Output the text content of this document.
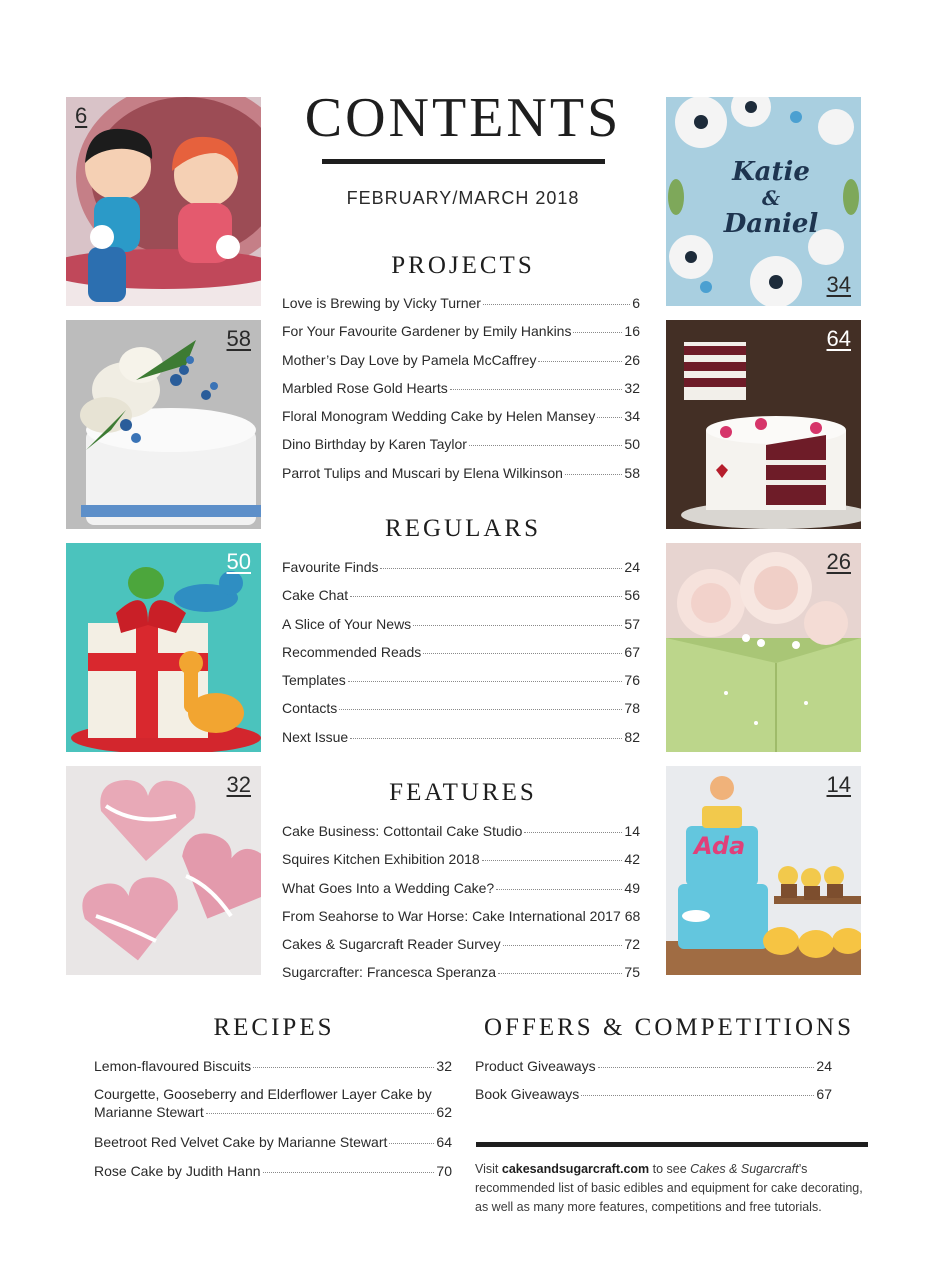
6
58
50
32
Katie
&
Daniel
34
64
26
Ada
14
CONTENTS
FEBRUARY/MARCH 2018
PROJECTS
Love is Brewing by Vicky Turner	6
For Your Favourite Gardener by Emily Hankins	16
Mother’s Day Love by Pamela McCaffrey	26
Marbled Rose Gold Hearts	32
Floral Monogram Wedding Cake by Helen Mansey 34
Dino Birthday by Karen Taylor	50
Parrot Tulips and Muscari by Elena Wilkinson	58
REGULARS
Favourite Finds	24
Cake Chat	56
A Slice of Your News	57
Recommended Reads	67
Templates	76
Contacts	78
Next Issue	82
FEATURES
Cake Business: Cottontail Cake Studio	14
Squires Kitchen Exhibition 2018	42
What Goes Into a Wedding Cake?	49
From Seahorse to War Horse: Cake International 2017 68
Cakes & Sugarcraft Reader Survey	72
Sugarcrafter: Francesca Speranza	75
RECIPES
Lemon-flavoured Biscuits	32
Courgette, Gooseberry and Elderflower Layer Cake by
Marianne Stewart	62
Beetroot Red Velvet Cake by Marianne Stewart	64
Rose Cake by Judith Hann	70
OFFERS & COMPETITIONS
Product Giveaways	24
Book Giveaways	67

Visit cakesandsugarcraft.com to see Cakes & Sugarcraft’s recommended list of basic edibles and equipment for cake decorating, as well as many more features, competitions and free tutorials.
